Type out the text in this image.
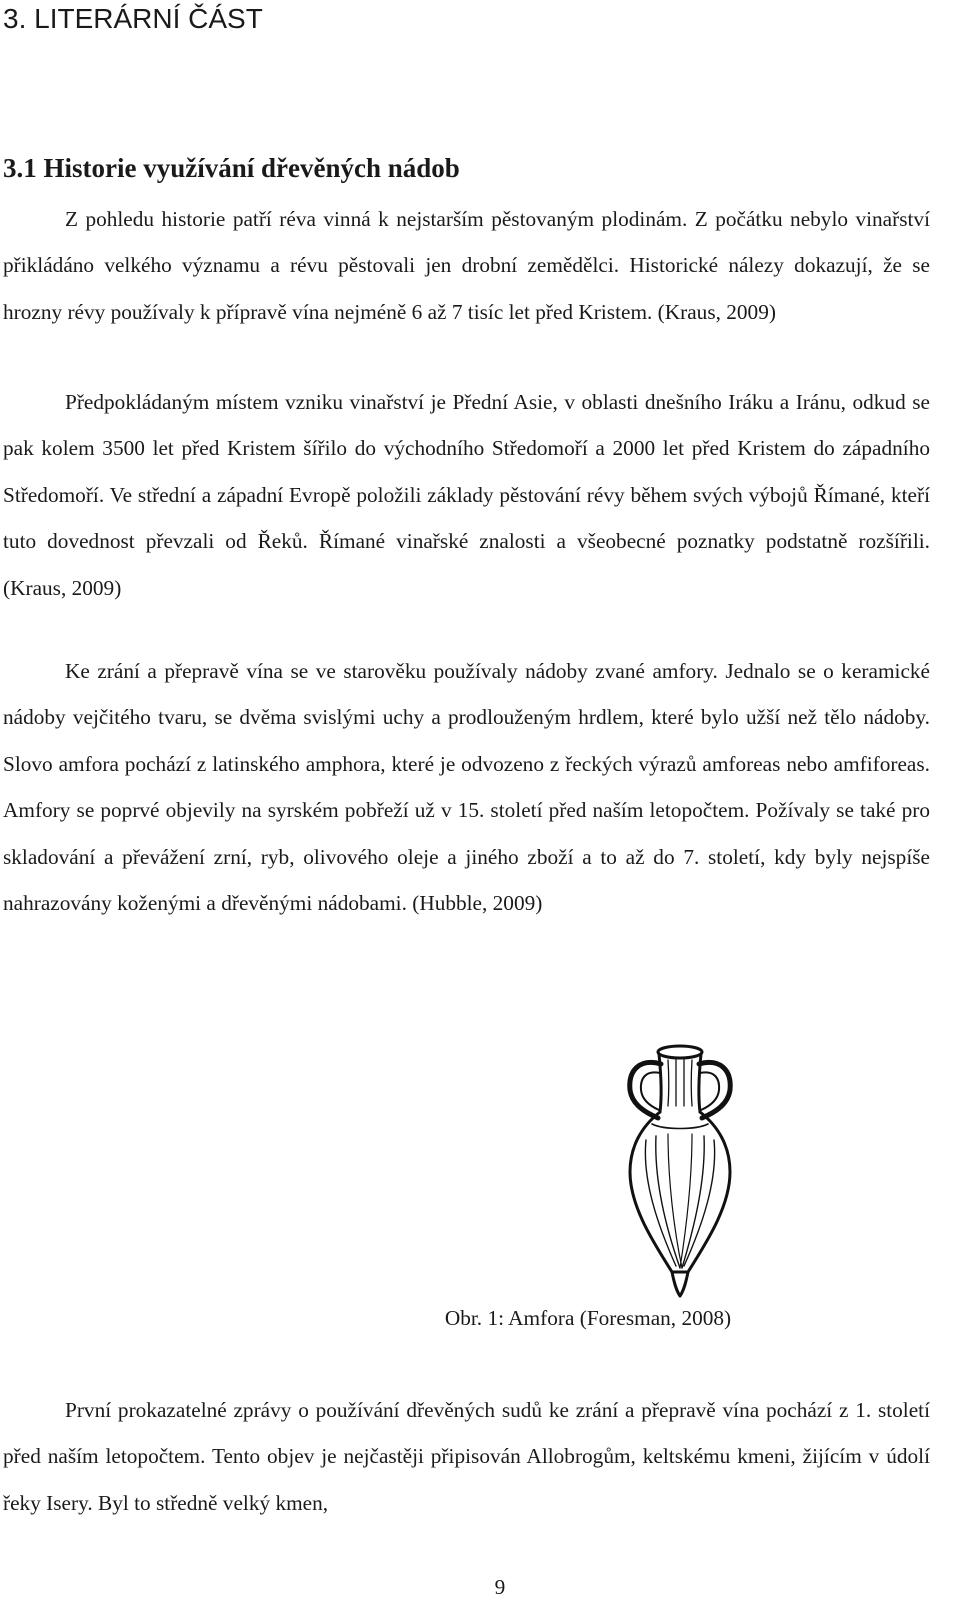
3. LITERÁRNÍ ČÁST
3.1 Historie využívání dřevěných nádob

Z pohledu historie patří réva vinná k nejstarším pěstovaným plodinám. Z počátku nebylo vinařství přikládáno velkého významu a révu pěstovali jen drobní zemědělci. Historické nálezy dokazují, že se hrozny révy používaly k přípravě vína nejméně 6 až 7 tisíc let před Kristem. (Kraus, 2009)

Předpokládaným místem vzniku vinařství je Přední Asie, v oblasti dnešního Iráku a Iránu, odkud se pak kolem 3500 let před Kristem šířilo do východního Středomoří a 2000 let před Kristem do západního Středomoří. Ve střední a západní Evropě položili základy pěstování révy během svých výbojů Římané, kteří tuto dovednost převzali od Řeků. Římané vinařské znalosti a všeobecné poznatky podstatně rozšířili. (Kraus, 2009)

Ke zrání a přepravě vína se ve starověku používaly nádoby zvané amfory. Jednalo se o keramické nádoby vejčitého tvaru, se dvěma svislými uchy a prodlouženým hrdlem, které bylo užší než tělo nádoby. Slovo amfora pochází z latinského amphora, které je odvozeno z řeckých výrazů amforeas nebo amfiforeas. Amfory se poprvé objevily na syrském pobřeží už v 15. století před naším letopočtem. Požívaly se také pro skladování a převážení zrní, ryb, olivového oleje a jiného zboží a to až do 7. století, kdy byly nejspíše nahrazovány koženými a dřevěnými nádobami. (Hubble, 2009)

Obr. 1: Amfora (Foresman, 2008)

První prokazatelné zprávy o používání dřevěných sudů ke zrání a přepravě vína pochází z 1. století před naším letopočtem. Tento objev je nejčastěji připisován Allobrogům, keltskému kmeni, žijícím v údolí řeky Isery. Byl to středně velký kmen,

9
